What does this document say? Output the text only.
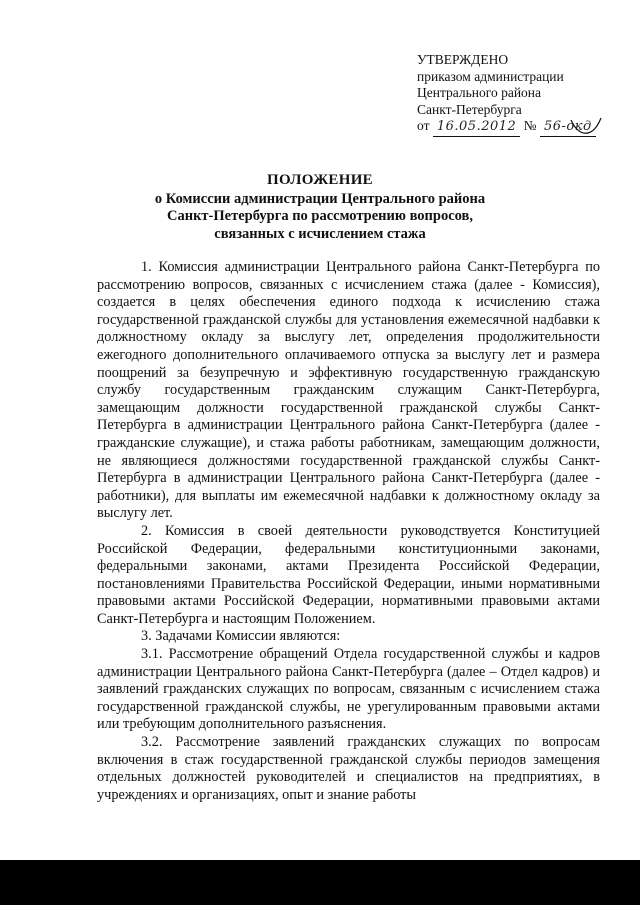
УТВЕРЖДЕНО
приказом администрации
Центрального района
Санкт-Петербурга
от 16.05.2012 № 56-окд
ПОЛОЖЕНИЕ
о Комиссии администрации Центрального района
Санкт-Петербурга по рассмотрению вопросов,
связанных с исчислением стажа

1. Комиссия администрации Центрального района Санкт-Петербурга по рассмотрению вопросов, связанных с исчислением стажа (далее - Комиссия), создается в целях обеспечения единого подхода к исчислению стажа государственной гражданской службы для установления ежемесячной надбавки к должностному окладу за выслугу лет, определения продолжительности ежегодного дополнительного оплачиваемого отпуска за выслугу лет и размера поощрений за безупречную и эффективную государственную гражданскую службу государственным гражданским служащим Санкт-Петербурга, замещающим должности государственной гражданской службы Санкт-Петербурга в администрации Центрального района Санкт-Петербурга (далее - гражданские служащие), и стажа работы работникам, замещающим должности, не являющиеся должностями государственной гражданской службы Санкт-Петербурга в администрации Центрального района Санкт-Петербурга (далее - работники), для выплаты им ежемесячной надбавки к должностному окладу за выслугу лет.

2. Комиссия в своей деятельности руководствуется Конституцией Российской Федерации, федеральными конституционными законами, федеральными законами, актами Президента Российской Федерации, постановлениями Правительства Российской Федерации, иными нормативными правовыми актами Российской Федерации, нормативными правовыми актами Санкт-Петербурга и настоящим Положением.

3. Задачами Комиссии являются:

3.1. Рассмотрение обращений Отдела государственной службы и кадров администрации Центрального района Санкт-Петербурга (далее – Отдел кадров) и заявлений гражданских служащих по вопросам, связанным с исчислением стажа государственной гражданской службы, не урегулированным правовыми актами или требующим дополнительного разъяснения.

3.2. Рассмотрение заявлений гражданских служащих по вопросам включения в стаж государственной гражданской службы периодов замещения отдельных должностей руководителей и специалистов на предприятиях, в учреждениях и организациях, опыт и знание работы
